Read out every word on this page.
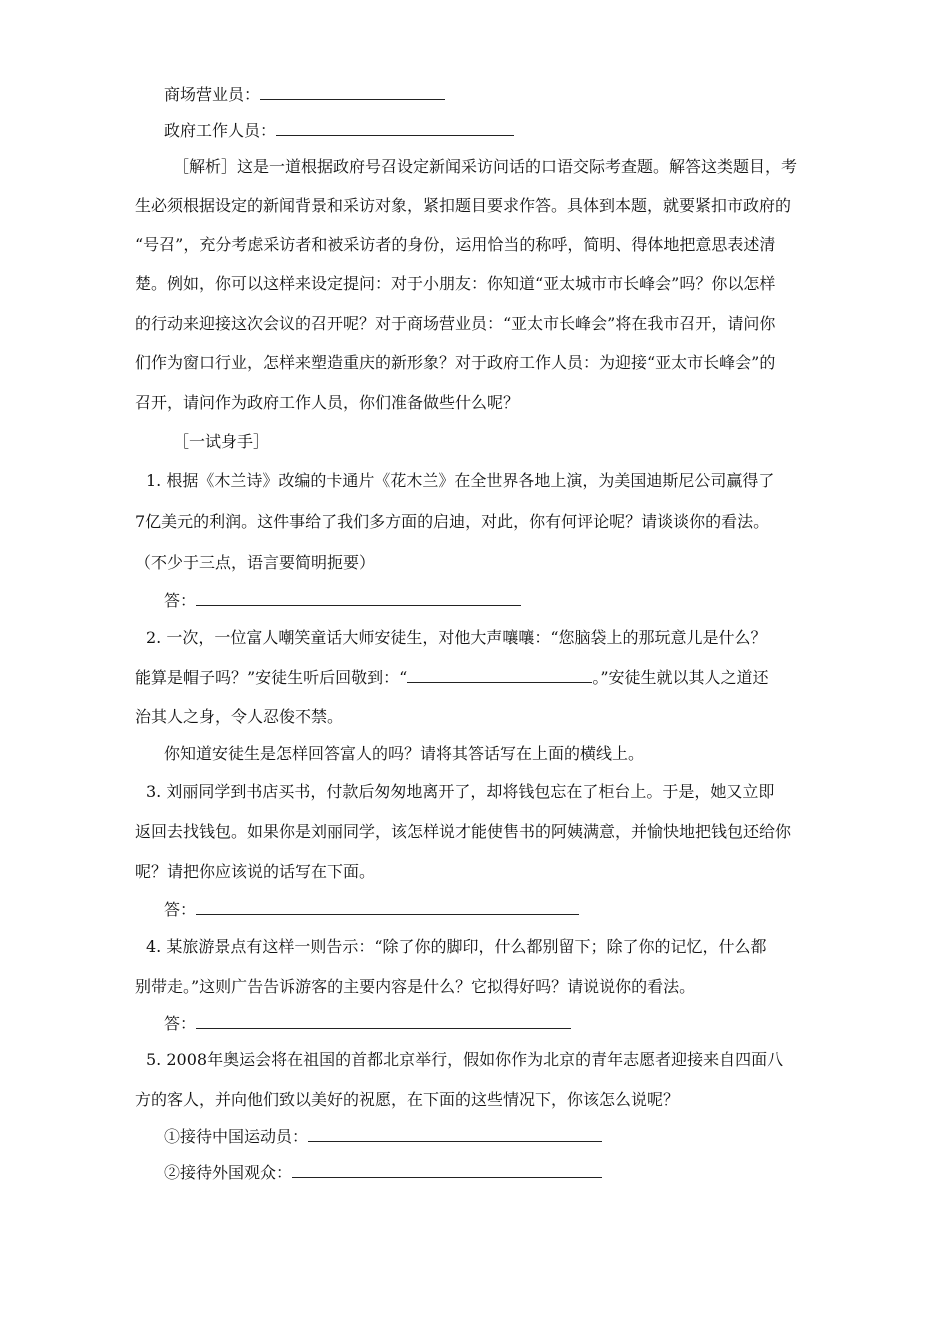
商场营业员：
政府工作人员：
［解析］这是一道根据政府号召设定新闻采访问话的口语交际考查题。解答这类题目，考
生必须根据设定的新闻背景和采访对象，紧扣题目要求作答。具体到本题，就要紧扣市政府的
“号召”，充分考虑采访者和被采访者的身份，运用恰当的称呼，简明、得体地把意思表述清
楚。例如，你可以这样来设定提问：对于小朋友：你知道“亚太城市市长峰会”吗？你以怎样
的行动来迎接这次会议的召开呢？对于商场营业员：“亚太市长峰会”将在我市召开，请问你
们作为窗口行业，怎样来塑造重庆的新形象？对于政府工作人员：为迎接“亚太市长峰会”的
召开，请问作为政府工作人员，你们准备做些什么呢？
［一试身手］
1. 根据《木兰诗》改编的卡通片《花木兰》在全世界各地上演，为美国迪斯尼公司赢得了
7亿美元的利润。这件事给了我们多方面的启迪，对此，你有何评论呢？请谈谈你的看法。
（不少于三点，语言要简明扼要）
答：
2. 一次，一位富人嘲笑童话大师安徒生，对他大声嚷嚷：“您脑袋上的那玩意儿是什么？
能算是帽子吗？”安徒生听后回敬到：“	。”安徒生就以其人之道还
治其人之身，令人忍俊不禁。
你知道安徒生是怎样回答富人的吗？请将其答话写在上面的横线上。
3. 刘丽同学到书店买书，付款后匆匆地离开了，却将钱包忘在了柜台上。于是，她又立即
返回去找钱包。如果你是刘丽同学，该怎样说才能使售书的阿姨满意，并愉快地把钱包还给你
呢？请把你应该说的话写在下面。
答：
4. 某旅游景点有这样一则告示：“除了你的脚印，什么都别留下；除了你的记忆，什么都
别带走。”这则广告告诉游客的主要内容是什么？它拟得好吗？请说说你的看法。
答：
5. 2008年奥运会将在祖国的首都北京举行，假如你作为北京的青年志愿者迎接来自四面八
方的客人，并向他们致以美好的祝愿，在下面的这些情况下，你该怎么说呢？
①接待中国运动员：
②接待外国观众：
